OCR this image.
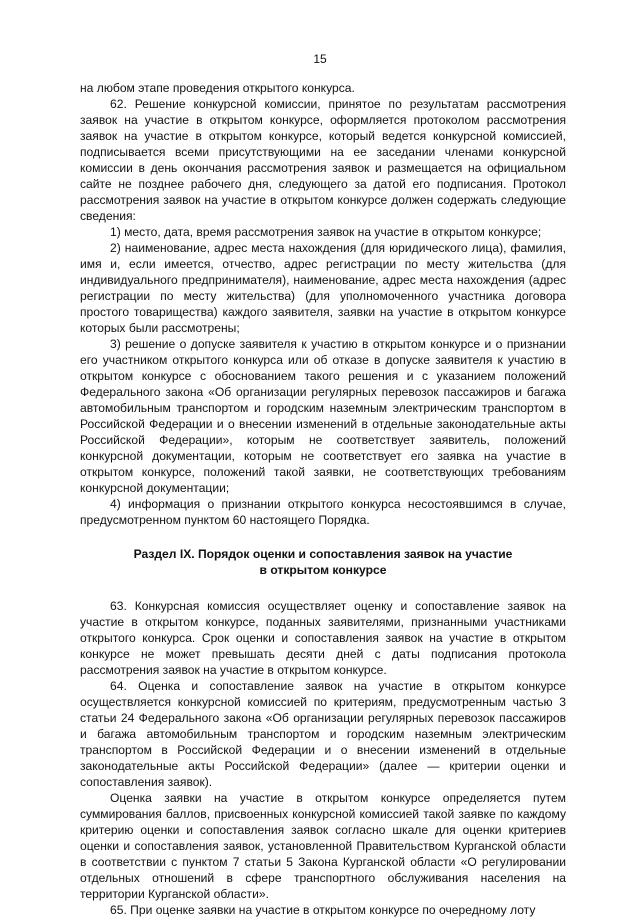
15

на любом этапе проведения открытого конкурса.

62. Решение конкурсной комиссии, принятое по результатам рассмотрения заявок на участие в открытом конкурсе, оформляется протоколом рассмотрения заявок на участие в открытом конкурсе, который ведется конкурсной комиссией, подписывается всеми присутствующими на ее заседании членами конкурсной комиссии в день окончания рассмотрения заявок и размещается на официальном сайте не позднее рабочего дня, следующего за датой его подписания. Протокол рассмотрения заявок на участие в открытом конкурсе должен содержать следующие сведения:

1) место, дата, время рассмотрения заявок на участие в открытом конкурсе;

2) наименование, адрес места нахождения (для юридического лица), фамилия, имя и, если имеется, отчество, адрес регистрации по месту жительства (для индивидуального предпринимателя), наименование, адрес места нахождения (адрес регистрации по месту жительства) (для уполномоченного участника договора простого товарищества) каждого заявителя, заявки на участие в открытом конкурсе которых были рассмотрены;

3) решение о допуске заявителя к участию в открытом конкурсе и о признании его участником открытого конкурса или об отказе в допуске заявителя к участию в открытом конкурсе с обоснованием такого решения и с указанием положений Федерального закона «Об организации регулярных перевозок пассажиров и багажа автомобильным транспортом и городским наземным электрическим транспортом в Российской Федерации и о внесении изменений в отдельные законодательные акты Российской Федерации», которым не соответствует заявитель, положений конкурсной документации, которым не соответствует его заявка на участие в открытом конкурсе, положений такой заявки, не соответствующих требованиям конкурсной документации;

4) информация о признании открытого конкурса несостоявшимся в случае, предусмотренном пунктом 60 настоящего Порядка.

Раздел IX. Порядок оценки и сопоставления заявок на участие
в открытом конкурсе

63. Конкурсная комиссия осуществляет оценку и сопоставление заявок на участие в открытом конкурсе, поданных заявителями, признанными участниками открытого конкурса. Срок оценки и сопоставления заявок на участие в открытом конкурсе не может превышать десяти дней с даты подписания протокола рассмотрения заявок на участие в открытом конкурсе.

64. Оценка и сопоставление заявок на участие в открытом конкурсе осуществляется конкурсной комиссией по критериям, предусмотренным частью 3 статьи 24 Федерального закона «Об организации регулярных перевозок пассажиров и багажа автомобильным транспортом и городским наземным электрическим транспортом в Российской Федерации и о внесении изменений в отдельные законодательные акты Российской Федерации» (далее — критерии оценки и сопоставления заявок).

Оценка заявки на участие в открытом конкурсе определяется путем суммирования баллов, присвоенных конкурсной комиссией такой заявке по каждому критерию оценки и сопоставления заявок согласно шкале для оценки критериев оценки и сопоставления заявок, установленной Правительством Курганской области в соответствии с пунктом 7 статьи 5 Закона Курганской области «О регулировании отдельных отношений в сфере транспортного обслуживания населения на территории Курганской области».

65. При оценке заявки на участие в открытом конкурсе по очередному лоту
